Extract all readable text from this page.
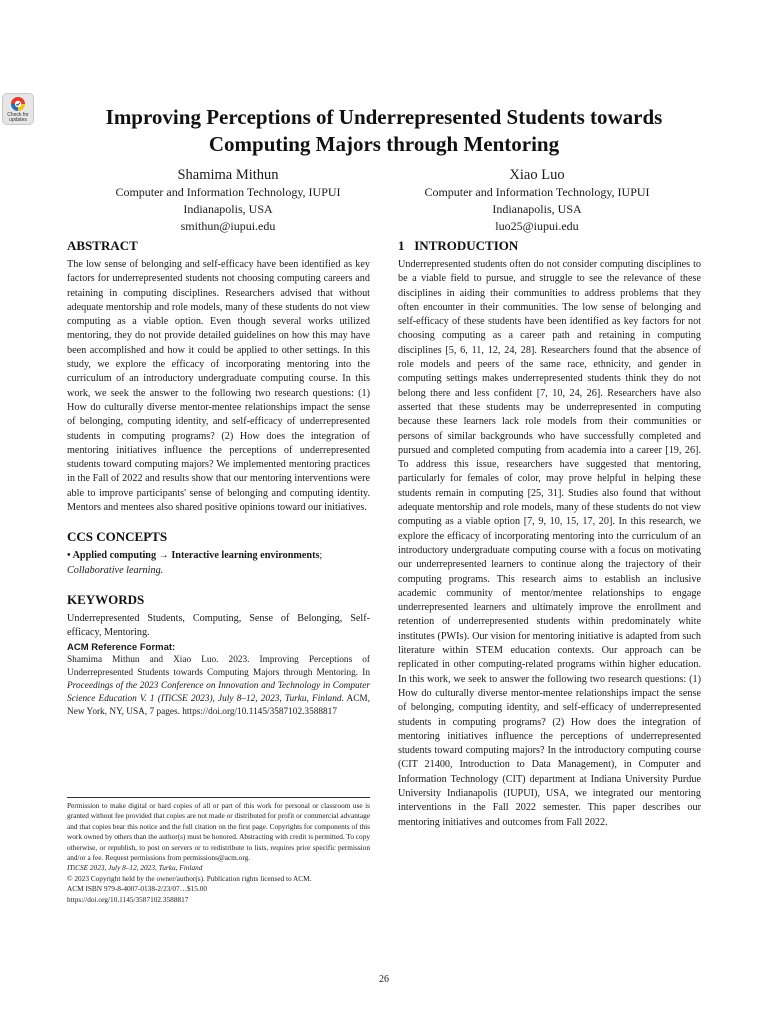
Check for updates	Improving Perceptions of Underrepresented Students towards Computing Majors through Mentoring
Shamima Mithun
Computer and Information Technology, IUPUI
Indianapolis, USA
smithun@iupui.edu
Xiao Luo
Computer and Information Technology, IUPUI
Indianapolis, USA
luo25@iupui.edu
ABSTRACT

The low sense of belonging and self-efficacy have been identified as key factors for underrepresented students not choosing computing careers and retaining in computing disciplines. Researchers advised that without adequate mentorship and role models, many of these students do not view computing as a viable option. Even though several works utilized mentoring, they do not provide detailed guidelines on how this may have been accomplished and how it could be applied to other settings. In this study, we explore the efficacy of incorporating mentoring into the curriculum of an introductory undergraduate computing course. In this work, we seek the answer to the following two research questions: (1) How do culturally diverse mentor-mentee relationships impact the sense of belonging, computing identity, and self-efficacy of underrepresented students in computing programs? (2) How does the integration of mentoring initiatives influence the perceptions of underrepresented students toward computing majors? We implemented mentoring practices in the Fall of 2022 and results show that our mentoring interventions were able to improve participants' sense of belonging and computing identity. Mentors and mentees also shared positive opinions toward our initiatives.

CCS CONCEPTS

• Applied computing → Interactive learning environments;
Collaborative learning.

KEYWORDS

Underrepresented Students, Computing, Sense of Belonging, Self-efficacy, Mentoring.

ACM Reference Format:

Shamima Mithun and Xiao Luo. 2023. Improving Perceptions of Underrepresented Students towards Computing Majors through Mentoring. In Proceedings of the 2023 Conference on Innovation and Technology in Computer Science Education V. 1 (ITiCSE 2023), July 8–12, 2023, Turku, Finland. ACM, New York, NY, USA, 7 pages. https://doi.org/10.1145/3587102.3588817

Permission to make digital or hard copies of all or part of this work for personal or classroom use is granted without fee provided that copies are not made or distributed for profit or commercial advantage and that copies bear this notice and the full citation on the first page. Copyrights for components of this work owned by others than the author(s) must be honored. Abstracting with credit is permitted. To copy otherwise, or republish, to post on servers or to redistribute to lists, requires prior specific permission and/or a fee. Request permissions from permissions@acm.org.

ITiCSE 2023, July 8–12, 2023, Turku, Finland

© 2023 Copyright held by the owner/author(s). Publication rights licensed to ACM.

ACM ISBN 979-8-4007-0138-2/23/07…$15.00

https://doi.org/10.1145/3587102.3588817

1   INTRODUCTION

Underrepresented students often do not consider computing disciplines to be a viable field to pursue, and struggle to see the relevance of these disciplines in aiding their communities to address problems that they often encounter in their communities. The low sense of belonging and self-efficacy of these students have been identified as key factors for not choosing computing as a career path and retaining in computing disciplines [5, 6, 11, 12, 24, 28]. Researchers found that the absence of role models and peers of the same race, ethnicity, and gender in computing settings makes underrepresented students think they do not belong there and less confident [7, 10, 24, 26]. Researchers have also asserted that these students may be underrepresented in computing because these learners lack role models from their communities or persons of similar backgrounds who have successfully completed and pursued and completed computing from academia into a career [19, 26]. To address this issue, researchers have suggested that mentoring, particularly for females of color, may prove helpful in helping these students remain in computing [25, 31]. Studies also found that without adequate mentorship and role models, many of these students do not view computing as a viable option [7, 9, 10, 15, 17, 20]. In this research, we explore the efficacy of incorporating mentoring into the curriculum of an introductory undergraduate computing course with a focus on motivating our underrepresented learners to continue along the trajectory of their computing programs. This research aims to establish an inclusive academic community of mentor/mentee relationships to engage underrepresented learners and ultimately improve the enrollment and retention of underrepresented students within predominately white institutes (PWIs). Our vision for mentoring initiative is adapted from such literature within STEM education contexts. Our approach can be replicated in other computing-related programs within higher education. In this work, we seek to answer the following two research questions: (1) How do culturally diverse mentor-mentee relationships impact the sense of belonging, computing identity, and self-efficacy of underrepresented students in computing programs? (2) How does the integration of mentoring initiatives influence the perceptions of underrepresented students toward computing majors? In the introductory computing course (CIT 21400, Introduction to Data Management), in Computer and Information Technology (CIT) department at Indiana University Purdue University Indianapolis (IUPUI), USA, we integrated our mentoring interventions in the Fall 2022 semester. This paper describes our mentoring initiatives and outcomes from Fall 2022.

26
